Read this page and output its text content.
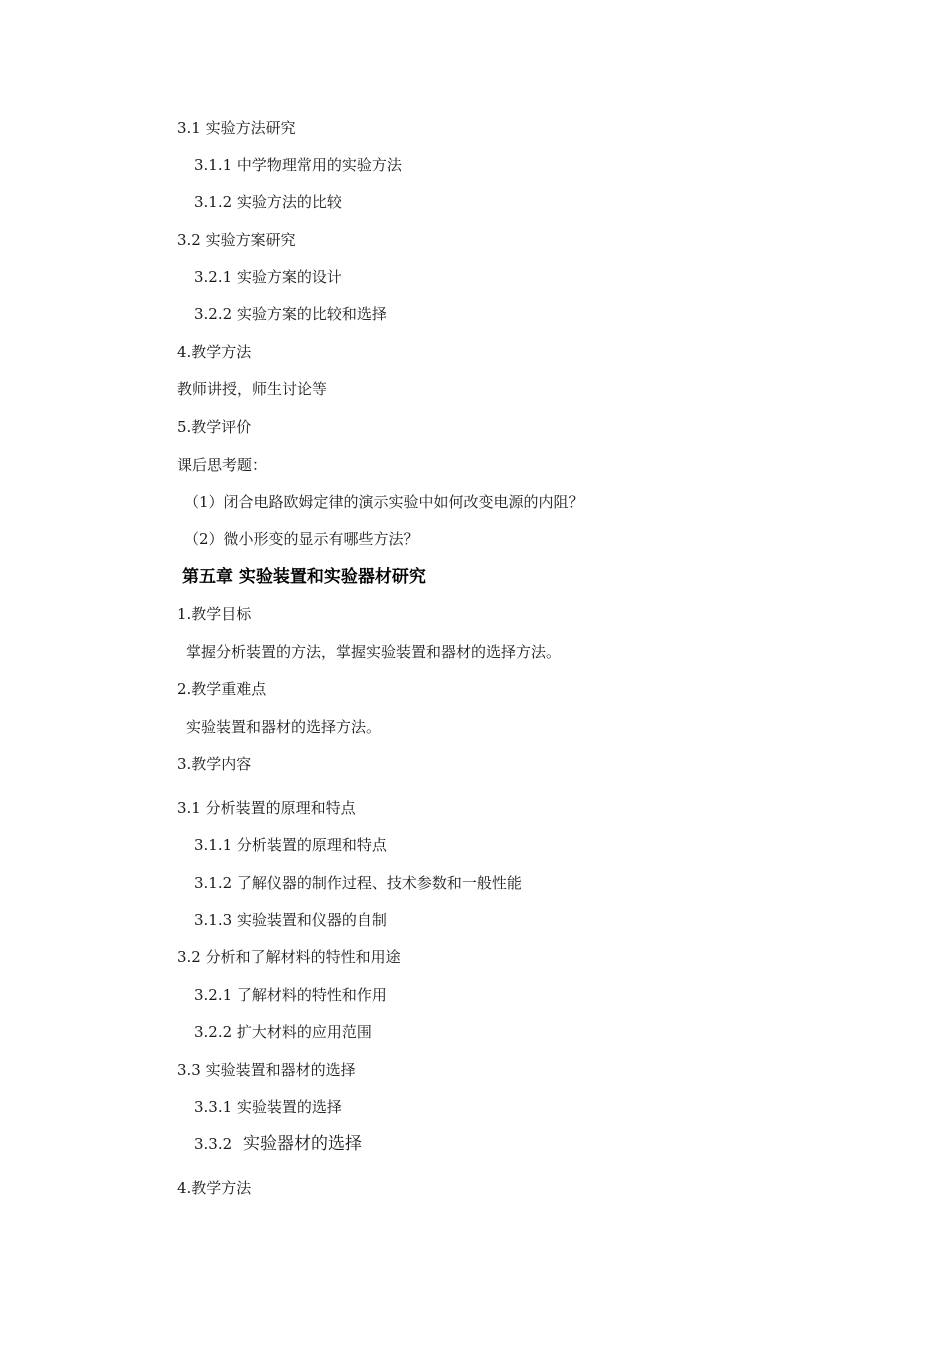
3.1 实验方法研究
3.1.1 中学物理常用的实验方法
3.1.2 实验方法的比较
3.2 实验方案研究
3.2.1 实验方案的设计
3.2.2 实验方案的比较和选择
4.教学方法
教师讲授，师生讨论等
5.教学评价
课后思考题：
（1）闭合电路欧姆定律的演示实验中如何改变电源的内阻？
（2）微小形变的显示有哪些方法？
第五章 实验装置和实验器材研究
1.教学目标
掌握分析装置的方法，掌握实验装置和器材的选择方法。
2.教学重难点
实验装置和器材的选择方法。
3.教学内容
3.1 分析装置的原理和特点
3.1.1 分析装置的原理和特点
3.1.2 了解仪器的制作过程、技术参数和一般性能
3.1.3 实验装置和仪器的自制
3.2 分析和了解材料的特性和用途
3.2.1 了解材料的特性和作用
3.2.2 扩大材料的应用范围
3.3 实验装置和器材的选择
3.3.1 实验装置的选择
3.3.2 实验器材的选择
4.教学方法
